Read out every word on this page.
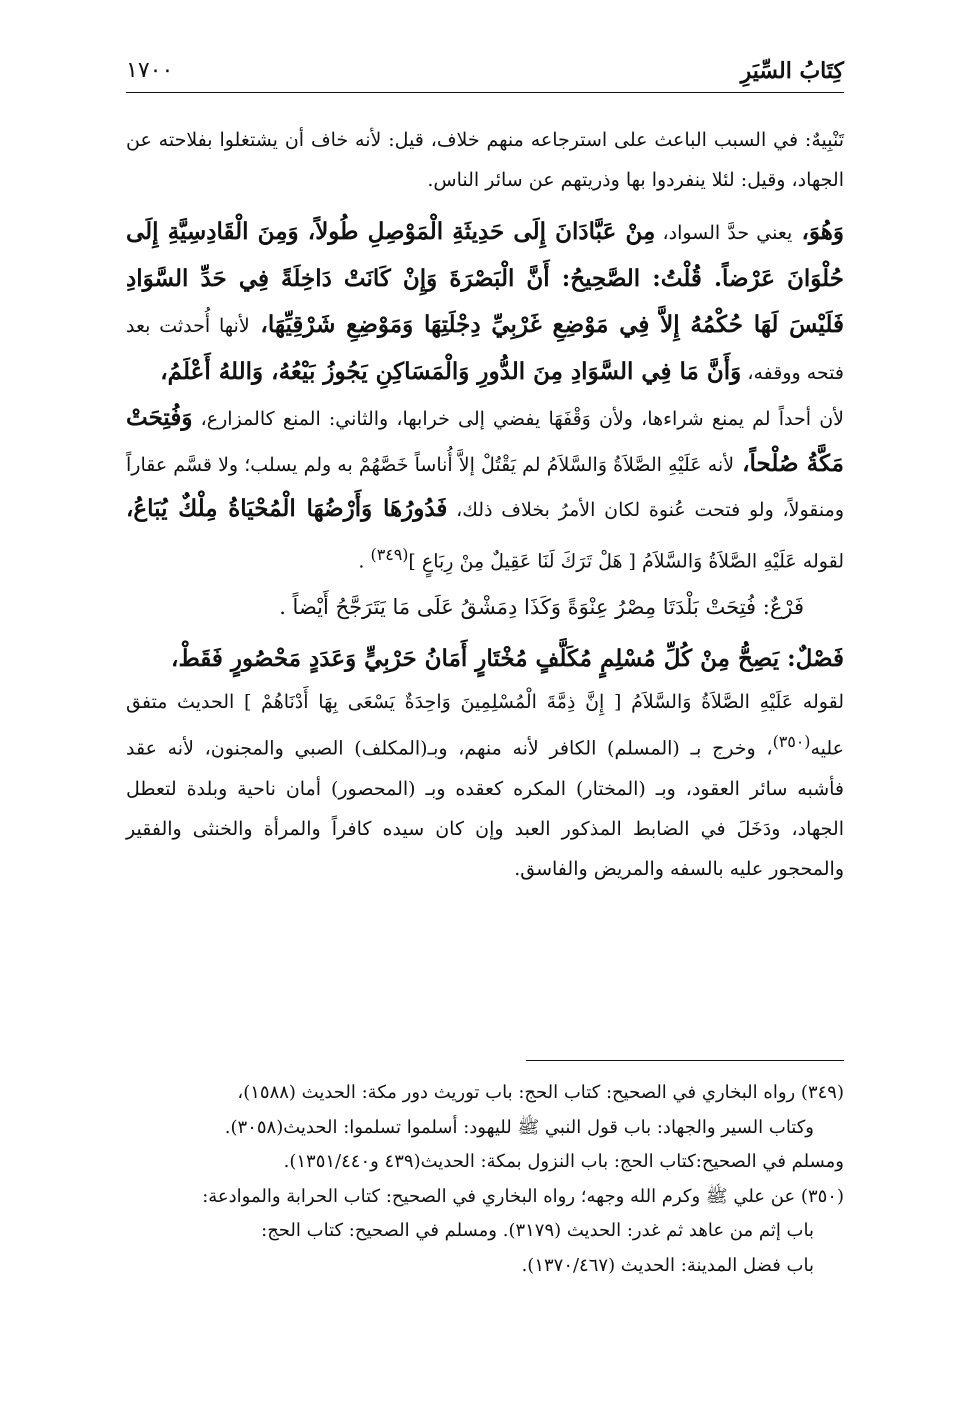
كِتَابُ السِّيَرِ
١٧٠٠

تَنْبِيهٌ: في السبب الباعث على استرجاعه منهم خلاف، قيل: لأنه خاف أن يشتغلوا بفلاحته عن الجهاد، وقيل: لئلا ينفردوا بها وذريتهم عن سائر الناس.

وَهُوَ، يعني حدَّ السواد، مِنْ عَبَّادَانَ إِلَى حَدِيثَةِ الْمَوْصِلِ طُولاً، وَمِنَ الْقَادِسِيَّةِ إِلَى حُلْوَانَ عَرْضاً. قُلْتُ: الصَّحِيحُ: أَنَّ الْبَصْرَةَ وَإِنْ كَانَتْ دَاخِلَةً فِي حَدِّ السَّوَادِ فَلَيْسَ لَهَا حُكْمُهُ إِلاَّ فِي مَوْضِعِ غَرْبِيِّ دِجْلَتِهَا وَمَوْضِعِ شَرْقِيِّهَا، لأنها أُحدثت بعد فتحه ووقفه، وَأَنَّ مَا فِي السَّوَادِ مِنَ الدُّورِ وَالْمَسَاكِنِ يَجُوزُ بَيْعُهُ، وَاللهُ أَعْلَمُ،

لأن أحداً لم يمنع شراءها، ولأن وَقْفَهَا يفضي إلى خرابها، والثاني: المنع كالمزارع، وَفُتِحَتْ مَكَّةُ صُلْحاً، لأنه عَلَيْهِ الصَّلاَةُ وَالسَّلاَمُ لم يَقْتُلْ إلاَّ أُناساً خَصَّهُمْ به ولم يسلب؛ ولا قسَّم عقاراً ومنقولاً، ولو فتحت عُنوة لكان الأمرُ بخلاف ذلك، فَدُورُهَا وَأَرْضُهَا الْمُحْيَاةُ مِلْكٌ يُبَاعُ، لقوله عَلَيْهِ الصَّلاَةُ وَالسَّلاَمُ [ هَلْ تَرَكَ لَنَا عَقِيلٌ مِنْ رِبَاعٍ ]$^{(٣٤٩)}$ .

فَرْعٌ: فُتِحَتْ بَلْدَتَا مِصْرُ عِنْوَةً وَكَذَا دِمَشْقُ عَلَى مَا يَتَرَجَّحُ أَيْضاً .

فَصْلٌ: يَصِحُّ مِنْ كُلِّ مُسْلِمٍ مُكَلَّفٍ مُخْتَارٍ أَمَانُ حَرْبِيٍّ وَعَدَدٍ مَحْصُورٍ فَقَطْ،

لقوله عَلَيْهِ الصَّلاَةُ وَالسَّلاَمُ [ إِنَّ ذِمَّةَ الْمُسْلِمِينَ وَاحِدَةٌ يَسْعَى بِهَا أَدْنَاهُمْ ] الحديث متفق عليه$^{(٣٥٠)}$، وخرج بـ (المسلم) الكافر لأنه منهم، وبـ(المكلف) الصبي والمجنون، لأنه عقد فأشبه سائر العقود، وبـ (المختار) المكره كعقده وبـ (المحصور) أمان ناحية وبلدة لتعطل الجهاد، ودَخَلَ في الضابط المذكور العبد وإن كان سيده كافراً والمرأة والخنثى والفقير والمحجور عليه بالسفه والمريض والفاسق.

(٣٤٩) رواه البخاري في الصحيح: كتاب الحج: باب توريث دور مكة: الحديث (١٥٨٨)،
وكتاب السير والجهاد: باب قول النبي ﷺ لليهود: أسلموا تسلموا: الحديث(٣٠٥٨).
ومسلم في الصحيح:كتاب الحج: باب النزول بمكة: الحديث(٤٣٩ و١٣٥١/٤٤٠).
(٣٥٠) عن علي ﷺ وكرم الله وجهه؛ رواه البخاري في الصحيح: كتاب الحرابة والموادعة:
باب إثم من عاهد ثم غدر: الحديث (٣١٧٩). ومسلم في الصحيح: كتاب الحج:
باب فضل المدينة: الحديث (١٣٧٠/٤٦٧).
